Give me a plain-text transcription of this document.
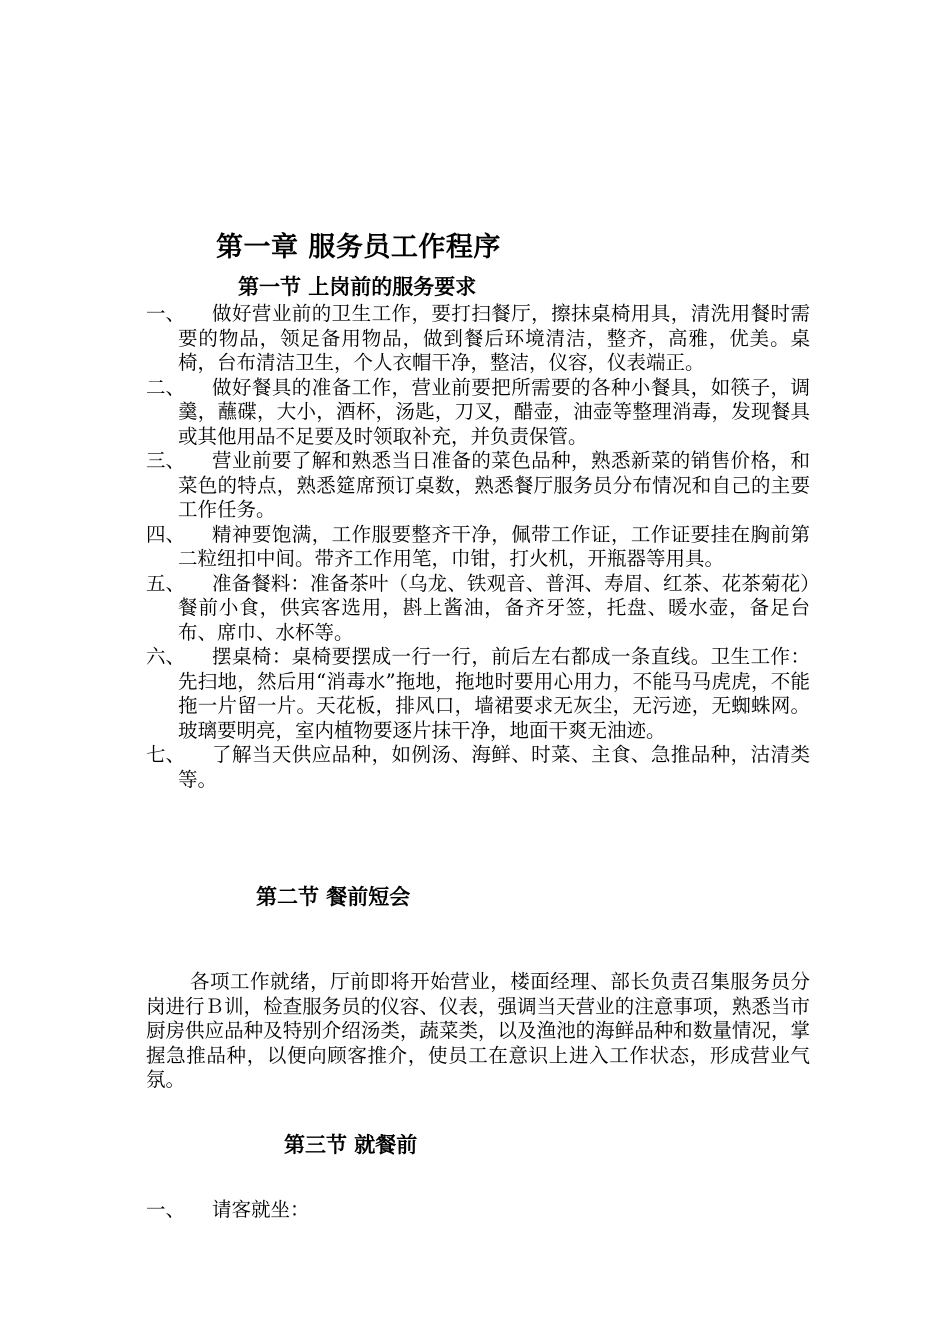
第一章 服务员工作程序
第一节 上岗前的服务要求

一、	做好营业前的卫生工作，要打扫餐厅，擦抹桌椅用具，清洗用餐时需要的物品，领足备用物品，做到餐后环境清洁，整齐，高雅，优美。桌椅，台布清洁卫生，个人衣帽干净，整洁，仪容，仪表端正。

二、	做好餐具的准备工作，营业前要把所需要的各种小餐具，如筷子，调羹，蘸碟，大小，酒杯，汤匙，刀叉，醋壶，油壶等整理消毒，发现餐具或其他用品不足要及时领取补充，并负责保管。

三、	营业前要了解和熟悉当日准备的菜色品种，熟悉新菜的销售价格，和菜色的特点，熟悉筵席预订桌数，熟悉餐厅服务员分布情况和自己的主要工作任务。

四、	精神要饱满，工作服要整齐干净，佩带工作证，工作证要挂在胸前第二粒纽扣中间。带齐工作用笔，巾钳，打火机，开瓶器等用具。

五、	准备餐料：准备茶叶（乌龙、铁观音、普洱、寿眉、红茶、花茶菊花）餐前小食，供宾客选用，斟上酱油，备齐牙签，托盘、暖水壶，备足台布、席巾、水杯等。

六、	摆桌椅：桌椅要摆成一行一行，前后左右都成一条直线。卫生工作：先扫地，然后用“消毒水”拖地，拖地时要用心用力，不能马马虎虎，不能拖一片留一片。天花板，排风口，墙裙要求无灰尘，无污迹，无蜘蛛网。玻璃要明亮，室内植物要逐片抹干净，地面干爽无油迹。

七、	了解当天供应品种，如例汤、海鲜、时菜、主食、急推品种，沽清类等。

第二节 餐前短会
各项工作就绪，厅前即将开始营业，楼面经理、部长负责召集服务员分岗进行Ｂ训，检查服务员的仪容、仪表，强调当天营业的注意事项，熟悉当市厨房供应品种及特别介绍汤类，蔬菜类，以及渔池的海鲜品种和数量情况，掌握急推品种，以便向顾客推介，使员工在意识上进入工作状态，形成营业气氛。
第三节 就餐前
一、 请客就坐：
